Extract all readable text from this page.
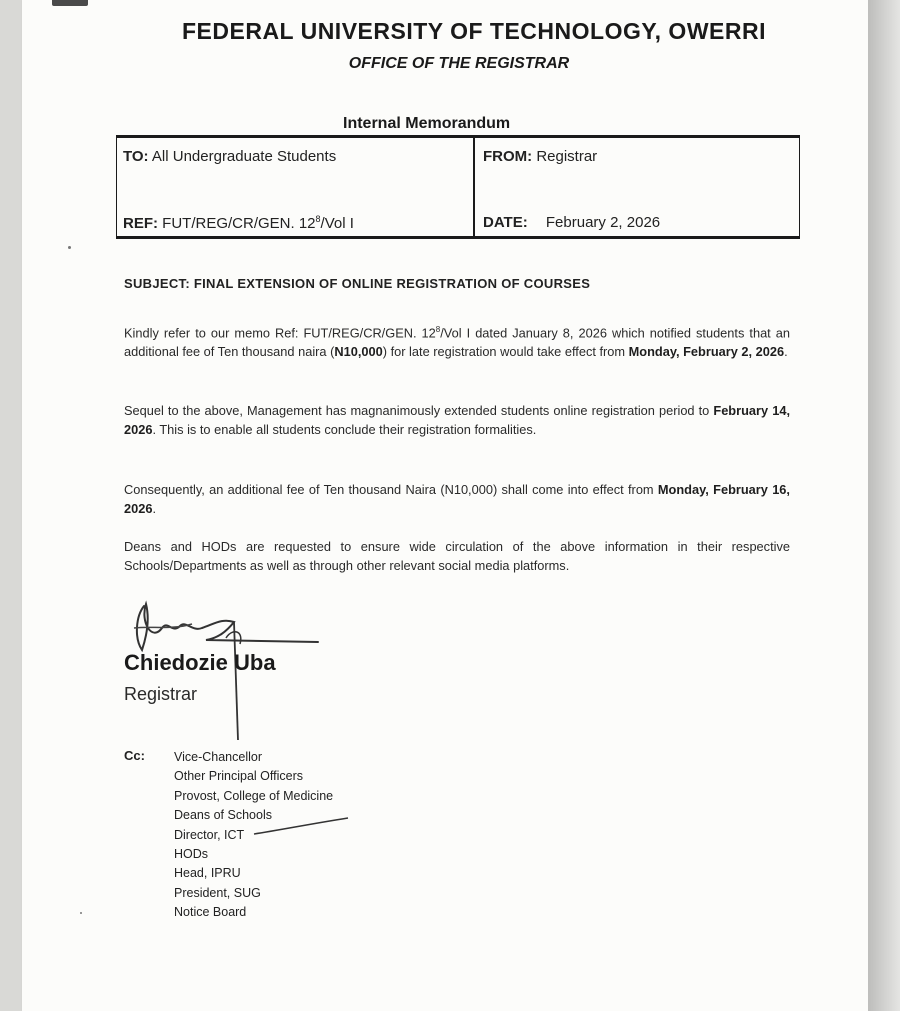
FEDERAL UNIVERSITY OF TECHNOLOGY, OWERRI
OFFICE OF THE REGISTRAR
Internal Memorandum
TO: All Undergraduate Students	FROM: Registrar
REF: FUT/REG/CR/GEN. $12^8$/Vol I	DATE: February 2, 2026
SUBJECT: FINAL EXTENSION OF ONLINE REGISTRATION OF COURSES
Kindly refer to our memo Ref: FUT/REG/CR/GEN. $12^8$/Vol I dated January 8, 2026 which notified students that an additional fee of Ten thousand naira (N10,000) for late registration would take effect from Monday, February 2, 2026.
Sequel to the above, Management has magnanimously extended students online registration period to February 14, 2026. This is to enable all students conclude their registration formalities.
Consequently, an additional fee of Ten thousand Naira (N10,000) shall come into effect from Monday, February 16, 2026.
Deans and HODs are requested to ensure wide circulation of the above information in their respective Schools/Departments as well as through other relevant social media platforms.
Chiedozie Uba
Registrar
Cc: Vice-Chancellor
Other Principal Officers
Provost, College of Medicine
Deans of Schools
Director, ICT
HODs
Head, IPRU
President, SUG
Notice Board
